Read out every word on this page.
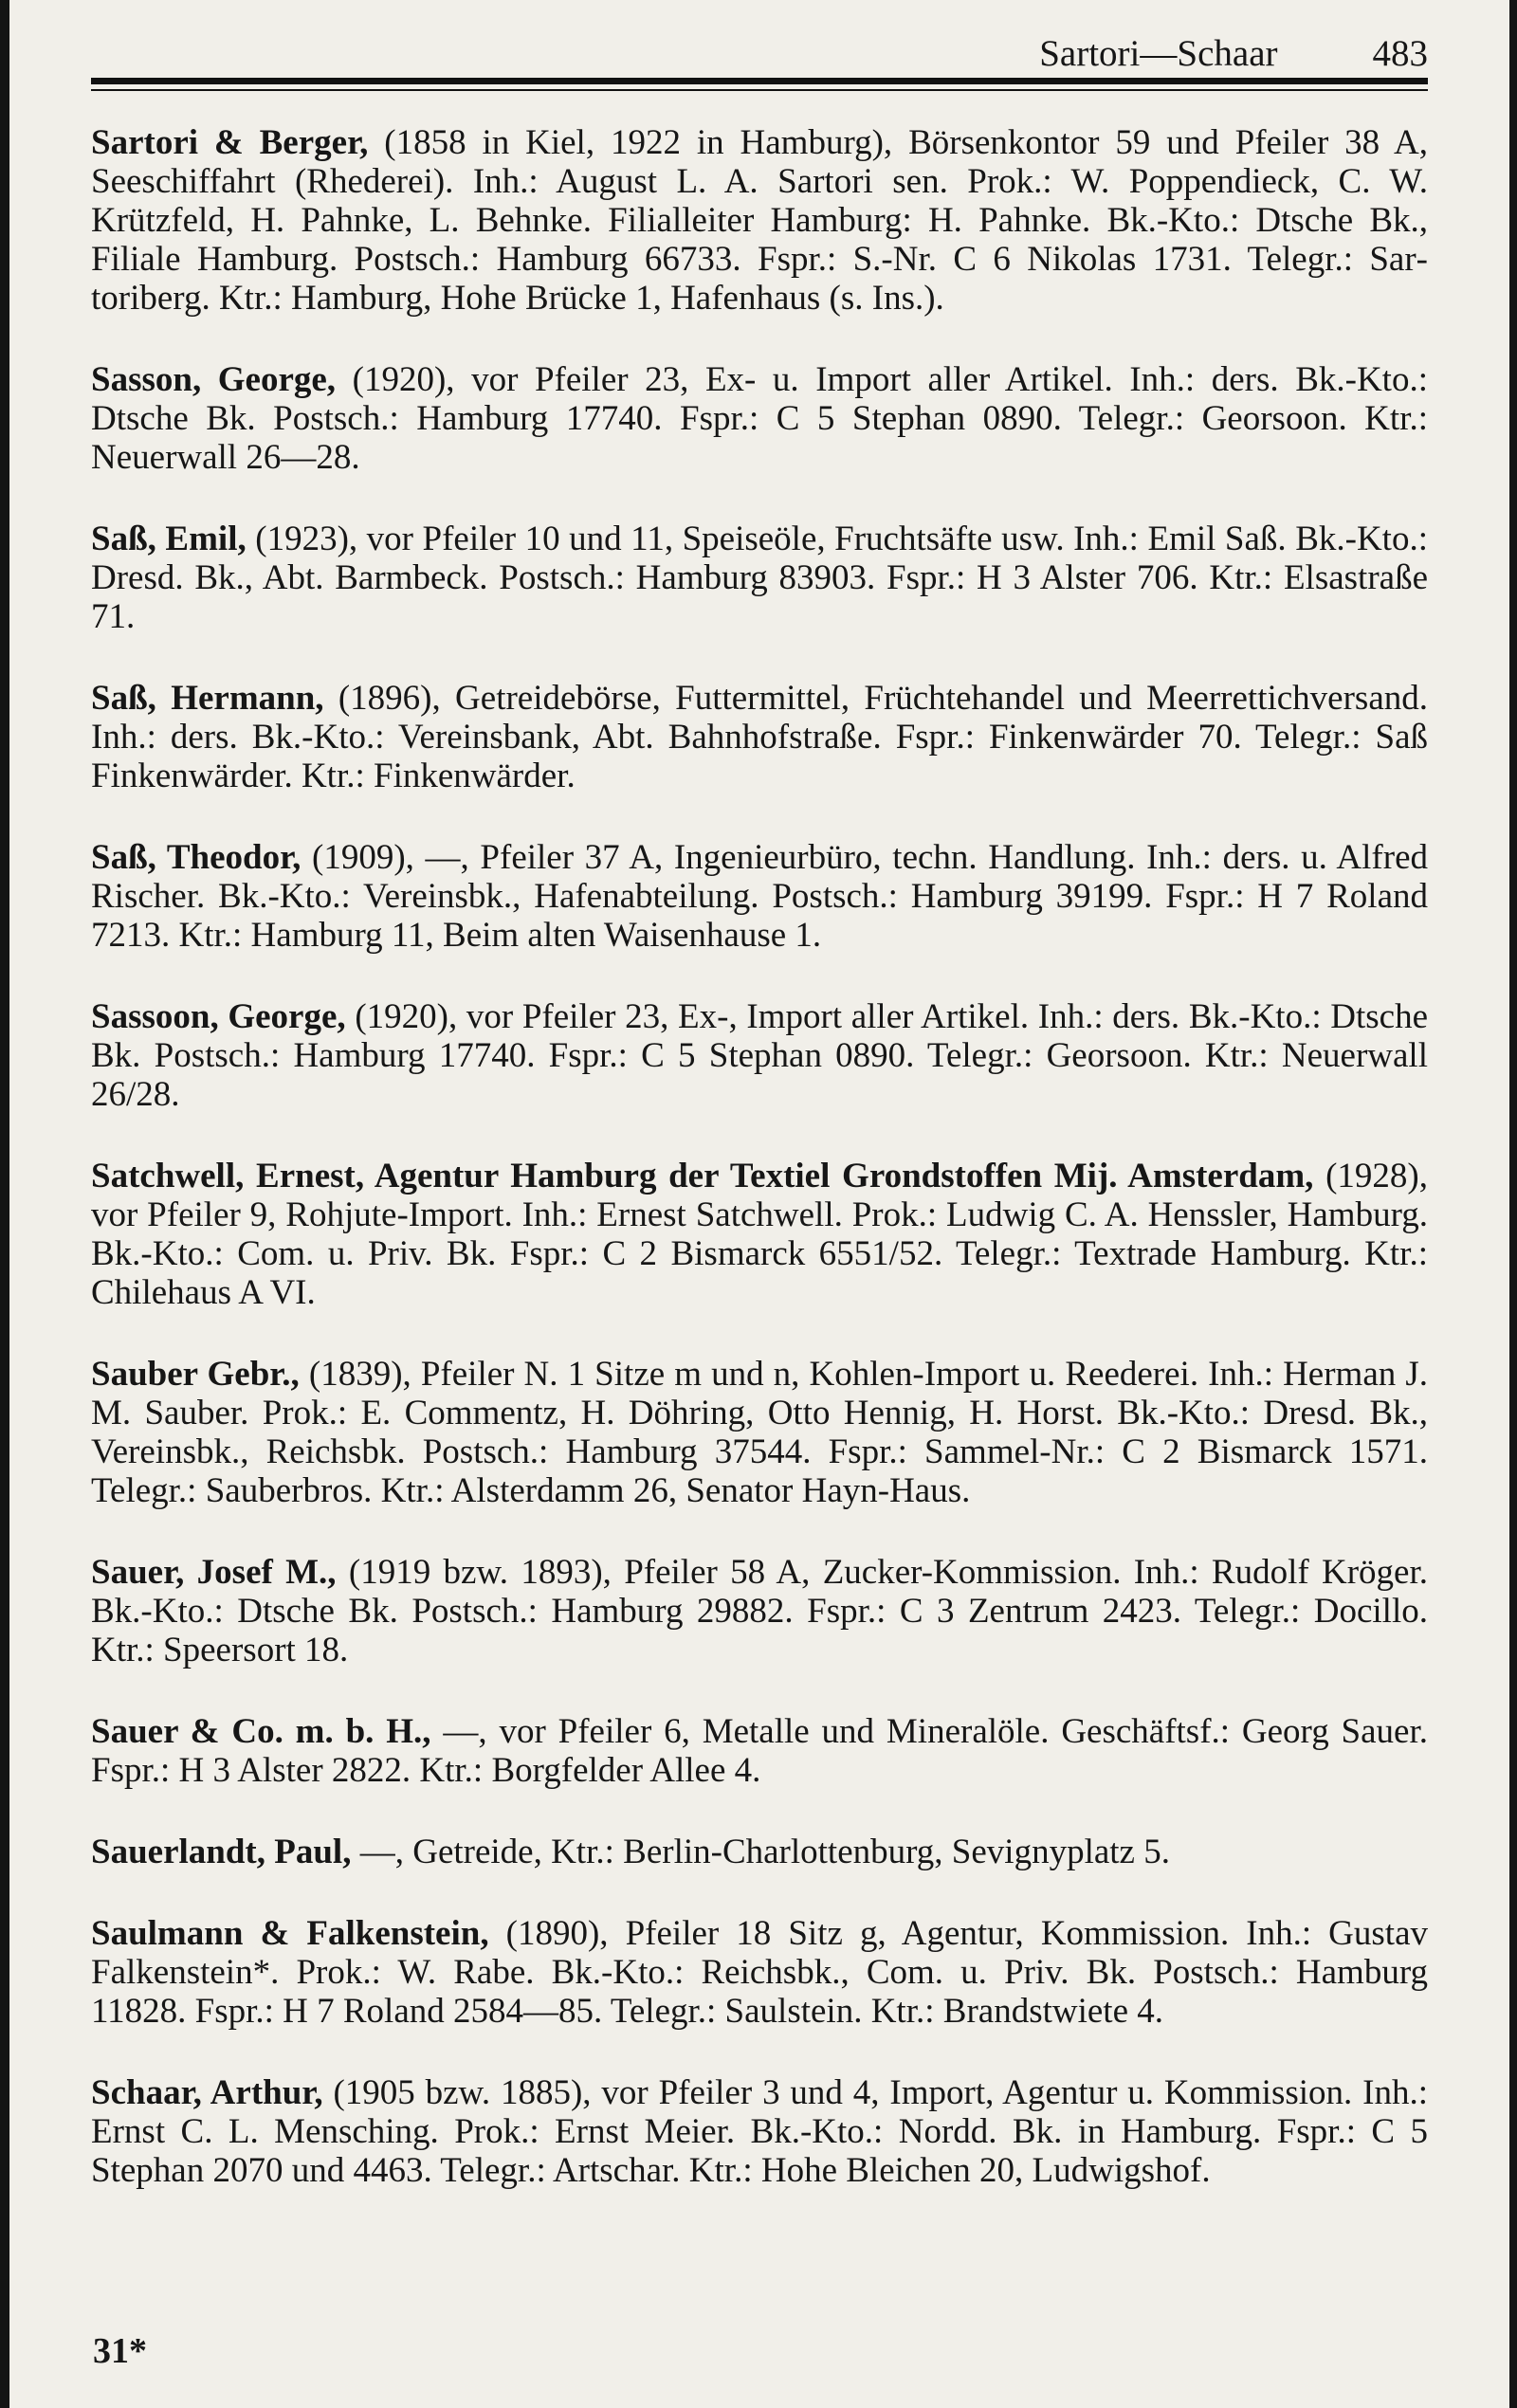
Sartori—Schaar	483

Sartori & Berger, (1858 in Kiel, 1922 in Hamburg), Börsenkontor 59 und Pfeiler 38 A, Seeschiffahrt (Rhederei). Inh.: August L. A. Sartori sen. Prok.: W. Poppendieck, C. W. Krützfeld, H. Pahnke, L. Behnke. Filialleiter Hamburg: H. Pahnke. Bk.-Kto.: Dtsche Bk., Filiale Hamburg. Postsch.: Hamburg 66733. Fspr.: S.-Nr. C 6 Nikolas 1731. Telegr.: Sartoriberg. Ktr.: Hamburg, Hohe Brücke 1, Hafenhaus (s. Ins.).

Sasson, George, (1920), vor Pfeiler 23, Ex- u. Import aller Artikel. Inh.: ders. Bk.-Kto.: Dtsche Bk. Postsch.: Hamburg 17740. Fspr.: C 5 Stephan 0890. Telegr.: Georsoon. Ktr.: Neuerwall 26—28.

Saß, Emil, (1923), vor Pfeiler 10 und 11, Speiseöle, Fruchtsäfte usw. Inh.: Emil Saß. Bk.-Kto.: Dresd. Bk., Abt. Barmbeck. Postsch.: Hamburg 83903. Fspr.: H 3 Alster 706. Ktr.: Elsastraße 71.

Saß, Hermann, (1896), Getreidebörse, Futtermittel, Früchtehandel und Meerrettichversand. Inh.: ders. Bk.-Kto.: Vereinsbank, Abt. Bahnhofstraße. Fspr.: Finkenwärder 70. Telegr.: Saß Finkenwärder. Ktr.: Finkenwärder.

Saß, Theodor, (1909), —, Pfeiler 37 A, Ingenieurbüro, techn. Handlung. Inh.: ders. u. Alfred Rischer. Bk.-Kto.: Vereinsbk., Hafenabteilung. Postsch.: Hamburg 39199. Fspr.: H 7 Roland 7213. Ktr.: Hamburg 11, Beim alten Waisenhause 1.

Sassoon, George, (1920), vor Pfeiler 23, Ex-, Import aller Artikel. Inh.: ders. Bk.-Kto.: Dtsche Bk. Postsch.: Hamburg 17740. Fspr.: C 5 Stephan 0890. Telegr.: Georsoon. Ktr.: Neuerwall 26/28.

Satchwell, Ernest, Agentur Hamburg der Textiel Grondstoffen Mij. Amsterdam, (1928), vor Pfeiler 9, Rohjute-Import. Inh.: Ernest Satchwell. Prok.: Ludwig C. A. Henssler, Hamburg. Bk.-Kto.: Com. u. Priv. Bk. Fspr.: C 2 Bismarck 6551/52. Telegr.: Textrade Hamburg. Ktr.: Chilehaus A VI.

Sauber Gebr., (1839), Pfeiler N. 1 Sitze m und n, Kohlen-Import u. Reederei. Inh.: Herman J. M. Sauber. Prok.: E. Commentz, H. Döhring, Otto Hennig, H. Horst. Bk.-Kto.: Dresd. Bk., Vereinsbk., Reichsbk. Postsch.: Hamburg 37544. Fspr.: Sammel-Nr.: C 2 Bismarck 1571. Telegr.: Sauberbros. Ktr.: Alsterdamm 26, Senator Hayn-Haus.

Sauer, Josef M., (1919 bzw. 1893), Pfeiler 58 A, Zucker-Kommission. Inh.: Rudolf Kröger. Bk.-Kto.: Dtsche Bk. Postsch.: Hamburg 29882. Fspr.: C 3 Zentrum 2423. Telegr.: Docillo. Ktr.: Speersort 18.

Sauer & Co. m. b. H., —, vor Pfeiler 6, Metalle und Mineralöle. Geschäftsf.: Georg Sauer. Fspr.: H 3 Alster 2822. Ktr.: Borgfelder Allee 4.

Sauerlandt, Paul, —, Getreide, Ktr.: Berlin-Charlottenburg, Sevignyplatz 5.

Saulmann & Falkenstein, (1890), Pfeiler 18 Sitz g, Agentur, Kommission. Inh.: Gustav Falkenstein*. Prok.: W. Rabe. Bk.-Kto.: Reichsbk., Com. u. Priv. Bk. Postsch.: Hamburg 11828. Fspr.: H 7 Roland 2584—85. Telegr.: Saulstein. Ktr.: Brandstwiete 4.

Schaar, Arthur, (1905 bzw. 1885), vor Pfeiler 3 und 4, Import, Agentur u. Kommission. Inh.: Ernst C. L. Mensching. Prok.: Ernst Meier. Bk.-Kto.: Nordd. Bk. in Hamburg. Fspr.: C 5 Stephan 2070 und 4463. Telegr.: Artschar. Ktr.: Hohe Bleichen 20, Ludwigshof.

31*
